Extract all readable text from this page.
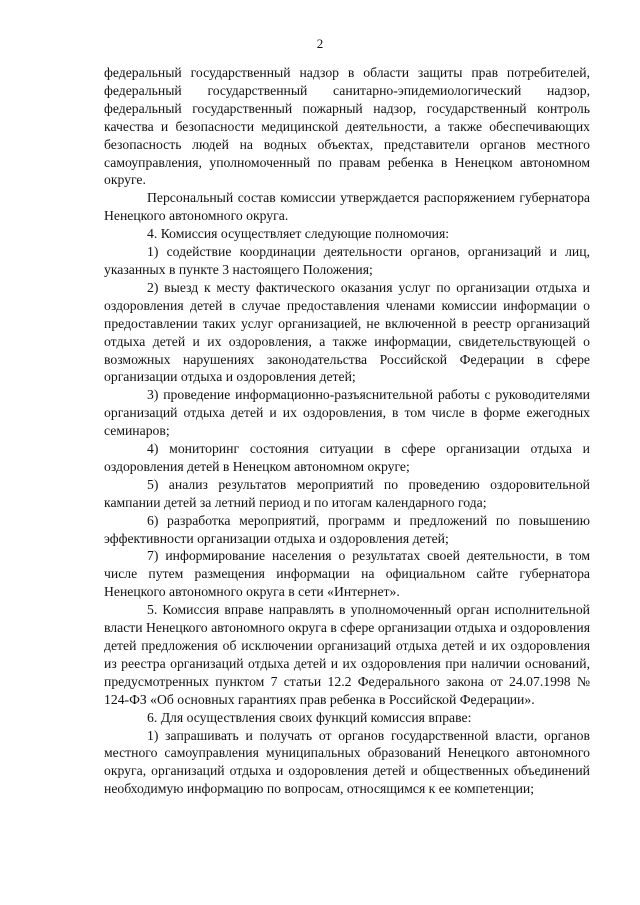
2

федеральный государственный надзор в области защиты прав потребителей, федеральный государственный санитарно-эпидемиологический надзор, федеральный государственный пожарный надзор, государственный контроль качества и безопасности медицинской деятельности, а также обеспечивающих безопасность людей на водных объектах, представители органов местного самоуправления, уполномоченный по правам ребенка в Ненецком автономном округе.

Персональный состав комиссии утверждается распоряжением губернатора Ненецкого автономного округа.

4. Комиссия осуществляет следующие полномочия:

1) содействие координации деятельности органов, организаций и лиц, указанных в пункте 3 настоящего Положения;

2) выезд к месту фактического оказания услуг по организации отдыха и оздоровления детей в случае предоставления членами комиссии информации о предоставлении таких услуг организацией, не включенной в реестр организаций отдыха детей и их оздоровления, а также информации, свидетельствующей о возможных нарушениях законодательства Российской Федерации в сфере организации отдыха и оздоровления детей;

3) проведение информационно-разъяснительной работы с руководителями организаций отдыха детей и их оздоровления, в том числе в форме ежегодных семинаров;

4) мониторинг состояния ситуации в сфере организации отдыха и оздоровления детей в Ненецком автономном округе;

5) анализ результатов мероприятий по проведению оздоровительной кампании детей за летний период и по итогам календарного года;

6) разработка мероприятий, программ и предложений по повышению эффективности организации отдыха и оздоровления детей;

7) информирование населения о результатах своей деятельности, в том числе путем размещения информации на официальном сайте губернатора Ненецкого автономного округа в сети «Интернет».

5. Комиссия вправе направлять в уполномоченный орган исполнительной власти Ненецкого автономного округа в сфере организации отдыха и оздоровления детей предложения об исключении организаций отдыха детей и их оздоровления из реестра организаций отдыха детей и их оздоровления при наличии оснований, предусмотренных пунктом 7 статьи 12.2 Федерального закона от 24.07.1998 № 124-ФЗ «Об основных гарантиях прав ребенка в Российской Федерации».

6. Для осуществления своих функций комиссия вправе:

1) запрашивать и получать от органов государственной власти, органов местного самоуправления муниципальных образований Ненецкого автономного округа, организаций отдыха и оздоровления детей и общественных объединений необходимую информацию по вопросам, относящимся к ее компетенции;
